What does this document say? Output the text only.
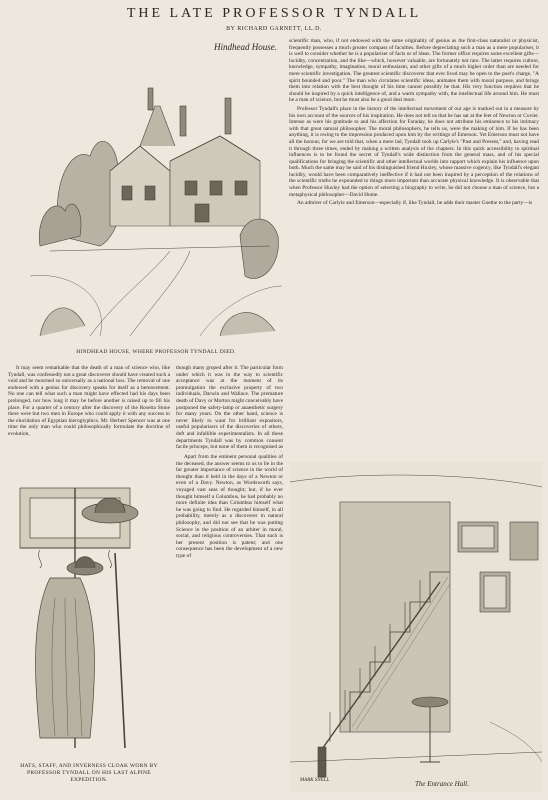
THE LATE PROFESSOR TYNDALL
BY RICHARD GARNETT, LL.D.
Hindhead House.
HINDHEAD HOUSE, WHERE PROFESSOR TYNDALL DIED.

scientific man, who, if not endowed with the same originality of genius as the first-class naturalist or physicist, frequently possesses a much greater compass of faculties. Before depreciating such a man as a mere populariser, it is well to consider whether he is a populariser of facts or of ideas. The former office requires some excellent gifts—lucidity, concentration, and the like—which, however valuable, are fortunately not rare. The latter requires culture, knowledge, sympathy, imagination, moral enthusiasm, and other gifts of a much higher order than are needed for mere scientific investigation. The greatest scientific discoverer that ever lived may be open to the poet's charge, "A spirit bounded and poor." The man who circulates scientific ideas, animates them with moral purpose, and brings them into relation with the best thought of his time cannot possibly be that. His very function requires that he should be inspired by a quick intelligence of, and a warm sympathy with, the intellectual life around him. He must be a man of science, but he must also be a good deal more.

Professor Tyndall's place in the history of the intellectual movement of our age is marked out in a measure by his own account of the sources of his inspiration. He does not tell us that he has sat at the feet of Newton or Cuvier. Intense as were his gratitude to and his affection for Faraday, he does not attribute his eminence to his intimacy with that great natural philosopher. The moral philosophers, he tells us, were the making of him. If he has been anything, it is owing to the impression produced upon him by the writings of Emerson. Yet Emerson must not have all the honour, for we are told that, when a mere lad, Tyndall took up Carlyle's "Past and Present," and, having read it through three times, ended by making a written analysis of the chapters. In this quick accessibility to spiritual influences is to be found the secret of Tyndall's wide distinction from the general mass, and of his special qualifications for bringing the scientific and other intellectual worlds into rapport which explain his influence upon both. Much the same may be said of his distinguished friend Huxley, whose massive cogency, like Tyndall's elegant lucidity, would have been comparatively ineffective if it had not been inspired by a perception of the relations of the scientific truths he expounded to things more important than accurate physical knowledge. It is observable that when Professor Huxley had the option of selecting a biography to write, he did not choose a man of science, but a metaphysical philosopher—David Hume.

An admirer of Carlyle and Emerson—especially if, like Tyndall, he adds their master Goethe to the party—is

It may seem remarkable that the death of a man of science who, like Tyndall, was confessedly not a great discoverer should have created such a void and be mourned so universally as a national loss. The removal of one endowed with a genius for discovery speaks for itself as a bereavement. No one can tell what such a man might have effected had his days been prolonged, nor how long it may be before another is raised up to fill his place. For a quarter of a century after the discovery of the Rosetta Stone there were but two men in Europe who could apply it with any success to the elucidation of Egyptian hieroglyphics. Mr. Herbert Spencer was at one time the only man who could philosophically formulate the doctrine of evolution,

though many groped after it. The particular form under which it was in the way to scientific acceptance was at the moment of its promulgation the exclusive property of two individuals, Darwin and Wallace. The premature death of Davy or Morton might conceivably have postponed the safety-lamp or anaesthetic surgery for many years. On the other hand, science is never likely to want for brilliant expositors, useful popularisers of the discoveries of others, deft and infallible experimentalists. In all these departments Tyndall was by common consent facile princeps, but none of them is recognised as

Apart from the eminent personal qualities of the deceased, the answer seems to us to lie in the far greater importance of science in the world of thought than it held in the days of a Newton or even of a Davy. Newton, as Wordsworth says, voyaged vast seas of thought; but, if he ever thought himself a Columbus, he had probably no more definite idea than Columbus himself what he was going to find. He regarded himself, in all probability, merely as a discoverer in natural philosophy, and did not see that he was putting Science in the position of an arbiter in moral, social, and religious controversies. That such is her present position is patent; and one consequence has been the development of a new type of

HATS, STAFF, AND INVERNESS CLOAK WORN BY PROFESSOR TYNDALL ON HIS LAST ALPINE EXPEDITION.	The Entrance Hall.
MARK SNELL
